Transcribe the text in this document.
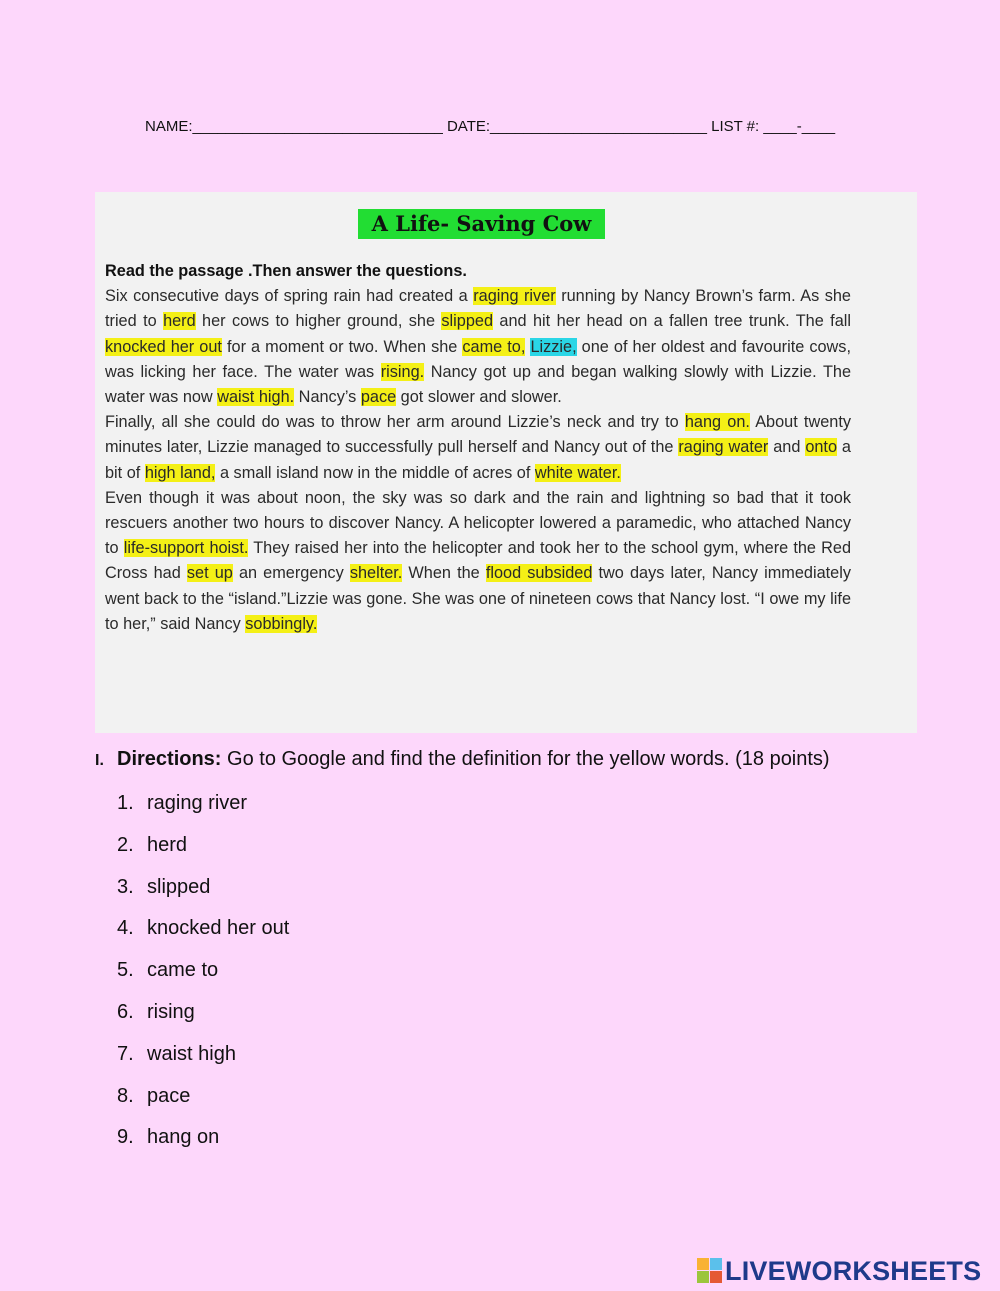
NAME:______________________________ DATE:__________________________ LIST #: ____-____
A Life- Saving Cow
Read the passage .Then answer the questions.

Six consecutive days of spring rain had created a raging river running by Nancy Brown’s farm. As she tried to herd her cows to higher ground, she slipped and hit her head on a fallen tree trunk. The fall knocked her out for a moment or two. When she came to, Lizzie, one of her oldest and favourite cows, was licking her face. The water was rising. Nancy got up and began walking slowly with Lizzie. The water was now waist high. Nancy’s pace got slower and slower.
Finally, all she could do was to throw her arm around Lizzie’s neck and try to hang on. About twenty minutes later, Lizzie managed to successfully pull herself and Nancy out of the raging water and onto a bit of high land, a small island now in the middle of acres of white water.
Even though it was about noon, the sky was so dark and the rain and lightning so bad that it took rescuers another two hours to discover Nancy. A helicopter lowered a paramedic, who attached Nancy to life-support hoist. They raised her into the helicopter and took her to the school gym, where the Red Cross had set up an emergency shelter. When the flood subsided two days later, Nancy immediately went back to the “island.”Lizzie was gone. She was one of nineteen cows that Nancy lost. “I owe my life to her,” said Nancy sobbingly.

I. Directions: Go to Google and find the definition for the yellow words. (18 points)
1. raging river
2. herd
3. slipped
4. knocked her out
5. came to
6. rising
7. waist high
8. pace
9. hang on
LIVEWORKSHEETS
